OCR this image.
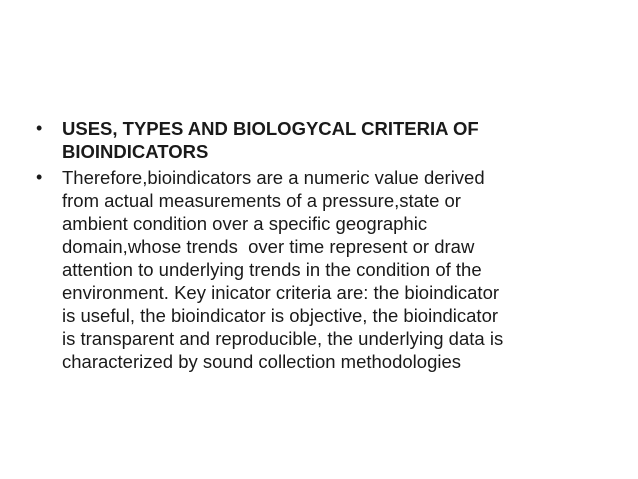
•	USES, TYPES AND BIOLOGYCAL CRITERIA OF
BIOINDICATORS
•	Therefore,bioindicators are a numeric value derived
from actual measurements of a pressure,state or
ambient condition over a specific geographic
domain,whose trends  over time represent or draw
attention to underlying trends in the condition of the
environment. Key inicator criteria are: the bioindicator
is useful, the bioindicator is objective, the bioindicator
is transparent and reproducible, the underlying data is
characterized by sound collection methodologies
